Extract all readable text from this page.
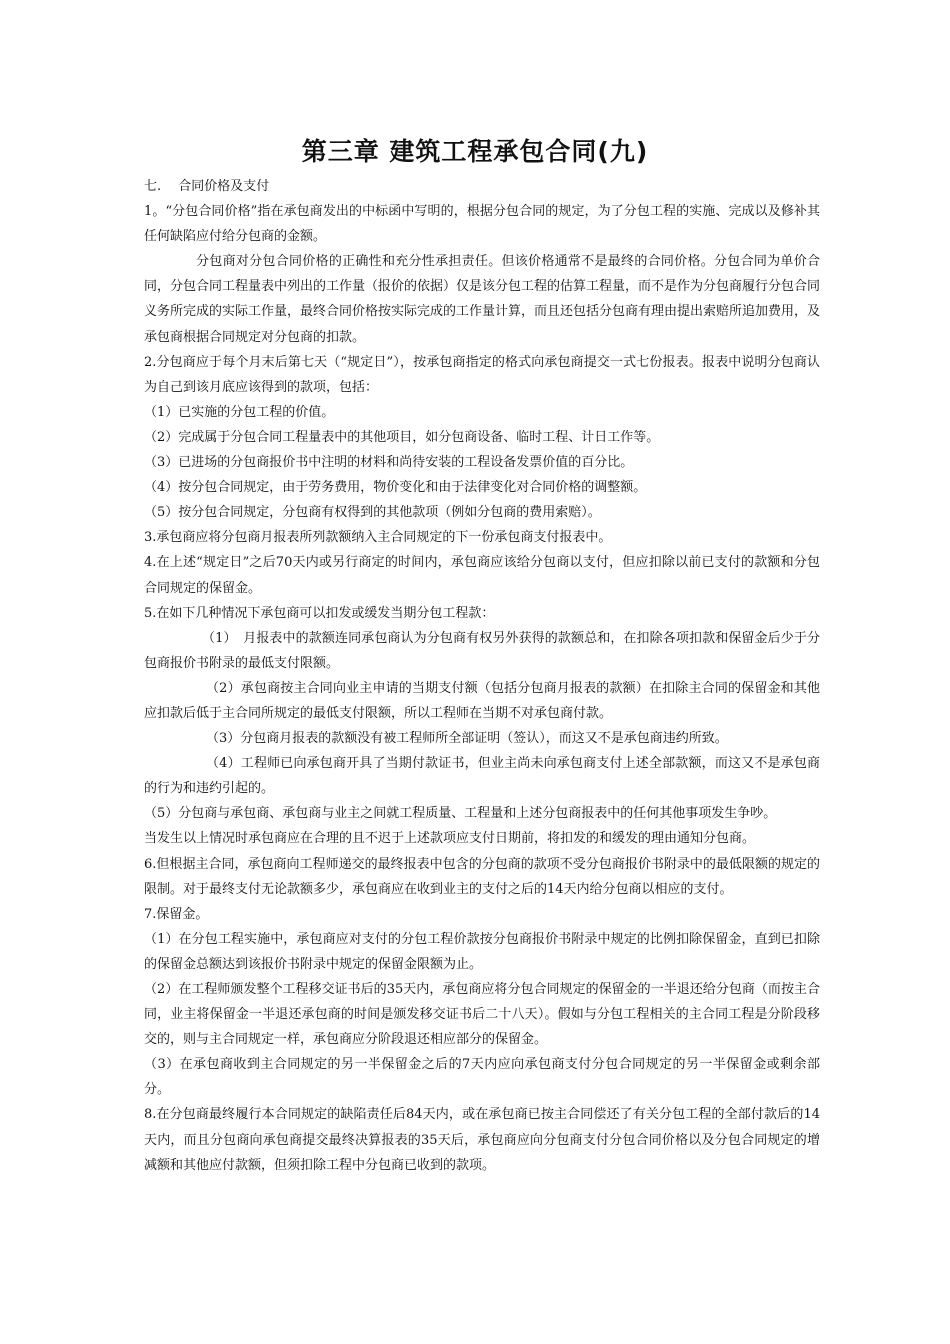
第三章 建筑工程承包合同(九)

七.　 合同价格及支付

1。“分包合同价格”指在承包商发出的中标函中写明的，根据分包合同的规定，为了分包工程的实施、完成以及修补其任何缺陷应付给分包商的金额。

分包商对分包合同价格的正确性和充分性承担责任。但该价格通常不是最终的合同价格。分包合同为单价合同，分包合同工程量表中列出的工作量（报价的依据）仅是该分包工程的估算工程量，而不是作为分包商履行分包合同义务所完成的实际工作量，最终合同价格按实际完成的工作量计算，而且还包括分包商有理由提出索赔所追加费用，及承包商根据合同规定对分包商的扣款。

2.分包商应于每个月末后第七天（“规定日”），按承包商指定的格式向承包商提交一式七份报表。报表中说明分包商认为自己到该月底应该得到的款项，包括：

（1）已实施的分包工程的价值。

（2）完成属于分包合同工程量表中的其他项目，如分包商设备、临时工程、计日工作等。

（3）已进场的分包商报价书中注明的材料和尚待安装的工程设备发票价值的百分比。

（4）按分包合同规定，由于劳务费用，物价变化和由于法律变化对合同价格的调整额。

（5）按分包合同规定，分包商有权得到的其他款项（例如分包商的费用索赔）。

3.承包商应将分包商月报表所列款额纳入主合同规定的下一份承包商支付报表中。

4.在上述“规定日”之后70天内或另行商定的时间内，承包商应该给分包商以支付，但应扣除以前已支付的款额和分包合同规定的保留金。

5.在如下几种情况下承包商可以扣发或缓发当期分包工程款：

（1）　月报表中的款额连同承包商认为分包商有权另外获得的款额总和，在扣除各项扣款和保留金后少于分包商报价书附录的最低支付限额。

（2）承包商按主合同向业主申请的当期支付额（包括分包商月报表的款额）在扣除主合同的保留金和其他应扣款后低于主合同所规定的最低支付限额，所以工程师在当期不对承包商付款。

（3）分包商月报表的款额没有被工程师所全部证明（签认），而这又不是承包商违约所致。

（4）工程师已向承包商开具了当期付款证书，但业主尚未向承包商支付上述全部款额，而这又不是承包商的行为和违约引起的。

（5）分包商与承包商、承包商与业主之间就工程质量、工程量和上述分包商报表中的任何其他事项发生争吵。

当发生以上情况时承包商应在合理的且不迟于上述款项应支付日期前，将扣发的和缓发的理由通知分包商。

6.但根据主合同，承包商向工程师递交的最终报表中包含的分包商的款项不受分包商报价书附录中的最低限额的规定的限制。对于最终支付无论款额多少，承包商应在收到业主的支付之后的14天内给分包商以相应的支付。

7.保留金。

（1）在分包工程实施中，承包商应对支付的分包工程价款按分包商报价书附录中规定的比例扣除保留金，直到已扣除的保留金总额达到该报价书附录中规定的保留金限额为止。

（2）在工程师颁发整个工程移交证书后的35天内，承包商应将分包合同规定的保留金的一半退还给分包商（而按主合同，业主将保留金一半退还承包商的时间是颁发移交证书后二十八天）。假如与分包工程相关的主合同工程是分阶段移交的，则与主合同规定一样，承包商应分阶段退还相应部分的保留金。

（3）在承包商收到主合同规定的另一半保留金之后的7天内应向承包商支付分包合同规定的另一半保留金或剩余部分。

8.在分包商最终履行本合同规定的缺陷责任后84天内，或在承包商已按主合同偿还了有关分包工程的全部付款后的14天内，而且分包商向承包商提交最终决算报表的35天后，承包商应向分包商支付分包合同价格以及分包合同规定的增减额和其他应付款额，但须扣除工程中分包商已收到的款项。
